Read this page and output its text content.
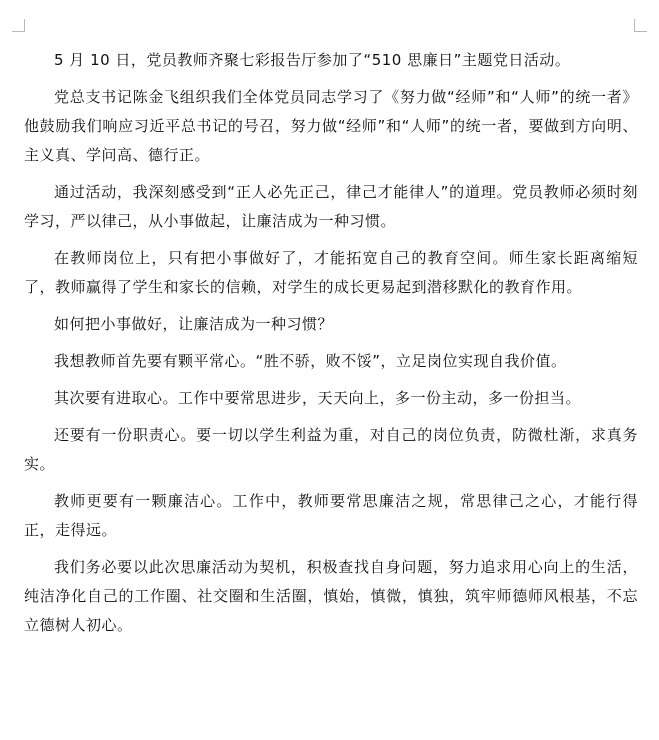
5 月 10 日，党员教师齐聚七彩报告厅参加了“510 思廉日”主题党日活动。

党总支书记陈金飞组织我们全体党员同志学习了《努力做“经师”和“人师”的统一者》他鼓励我们响应习近平总书记的号召，努力做“经师”和“人师”的统一者，要做到方向明、主义真、学问高、德行正。

通过活动，我深刻感受到“正人必先正己，律己才能律人”的道理。党员教师必须时刻学习，严以律己，从小事做起，让廉洁成为一种习惯。

在教师岗位上，只有把小事做好了，才能拓宽自己的教育空间。师生家长距离缩短了，教师赢得了学生和家长的信赖，对学生的成长更易起到潜移默化的教育作用。

如何把小事做好，让廉洁成为一种习惯？

我想教师首先要有颗平常心。“胜不骄，败不馁”，立足岗位实现自我价值。

其次要有进取心。工作中要常思进步，天天向上，多一份主动，多一份担当。

还要有一份职责心。要一切以学生利益为重，对自己的岗位负责，防微杜渐，求真务实。

教师更要有一颗廉洁心。工作中，教师要常思廉洁之规，常思律己之心，才能行得正，走得远。

我们务必要以此次思廉活动为契机，积极查找自身问题，努力追求用心向上的生活，纯洁净化自己的工作圈、社交圈和生活圈，慎始，慎微，慎独，筑牢师德师风根基，不忘立德树人初心。
